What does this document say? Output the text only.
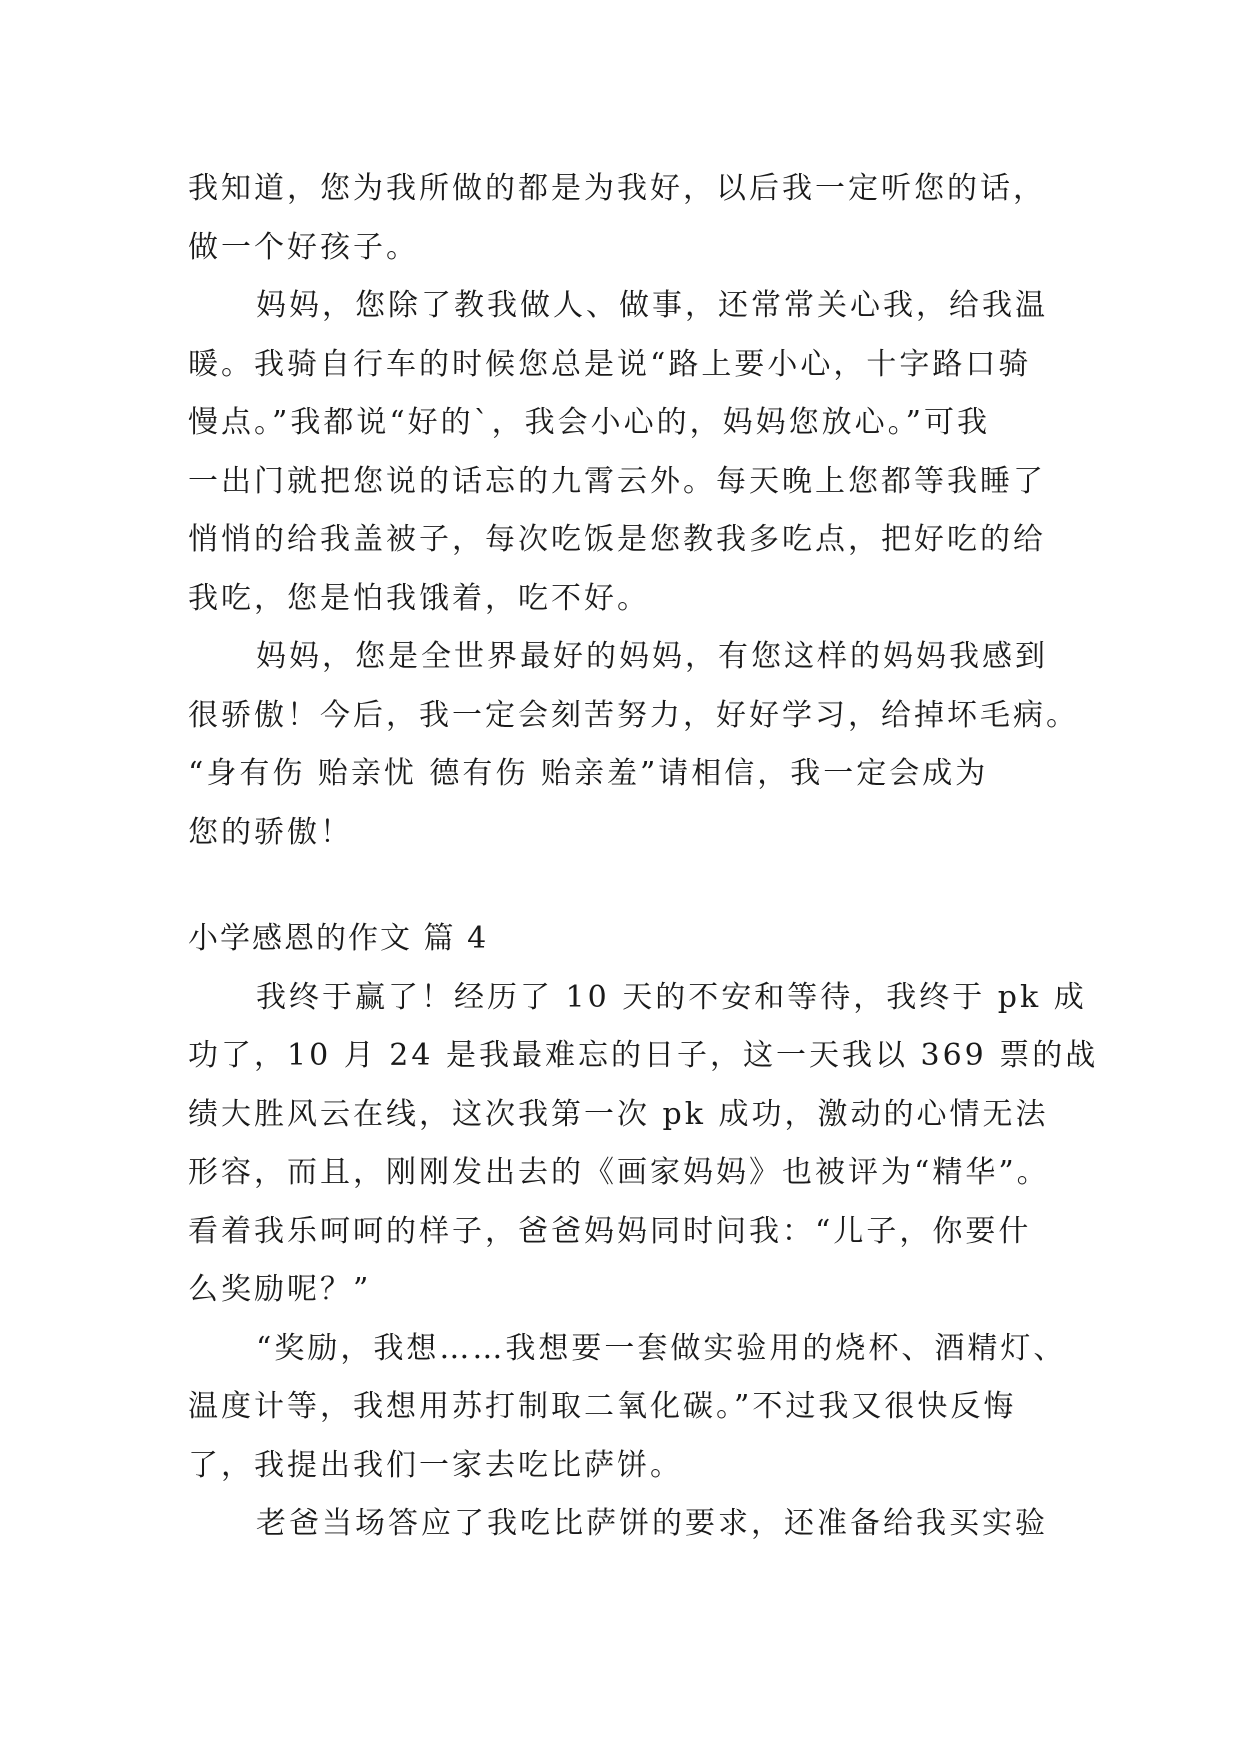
我知道，您为我所做的都是为我好，以后我一定听您的话，
做一个好孩子。
妈妈，您除了教我做人、做事，还常常关心我，给我温
暖。我骑自行车的时候您总是说“路上要小心，十字路口骑
慢点。”我都说“好的`，我会小心的，妈妈您放心。”可我
一出门就把您说的话忘的九霄云外。每天晚上您都等我睡了
悄悄的给我盖被子，每次吃饭是您教我多吃点，把好吃的给
我吃，您是怕我饿着，吃不好。
妈妈，您是全世界最好的妈妈，有您这样的妈妈我感到
很骄傲！今后，我一定会刻苦努力，好好学习，给掉坏毛病。
“身有伤 贻亲忧 德有伤 贻亲羞”请相信，我一定会成为
您的骄傲！
小学感恩的作文 篇 4
我终于赢了！经历了 10 天的不安和等待，我终于 pk 成
功了，10 月 24 是我最难忘的日子，这一天我以 369 票的战
绩大胜风云在线，这次我第一次 pk 成功，激动的心情无法
形容，而且，刚刚发出去的《画家妈妈》也被评为“精华”。
看着我乐呵呵的样子，爸爸妈妈同时问我：“儿子，你要什
么奖励呢？”
“奖励，我想……我想要一套做实验用的烧杯、酒精灯、
温度计等，我想用苏打制取二氧化碳。”不过我又很快反悔
了，我提出我们一家去吃比萨饼。
老爸当场答应了我吃比萨饼的要求，还准备给我买实验
